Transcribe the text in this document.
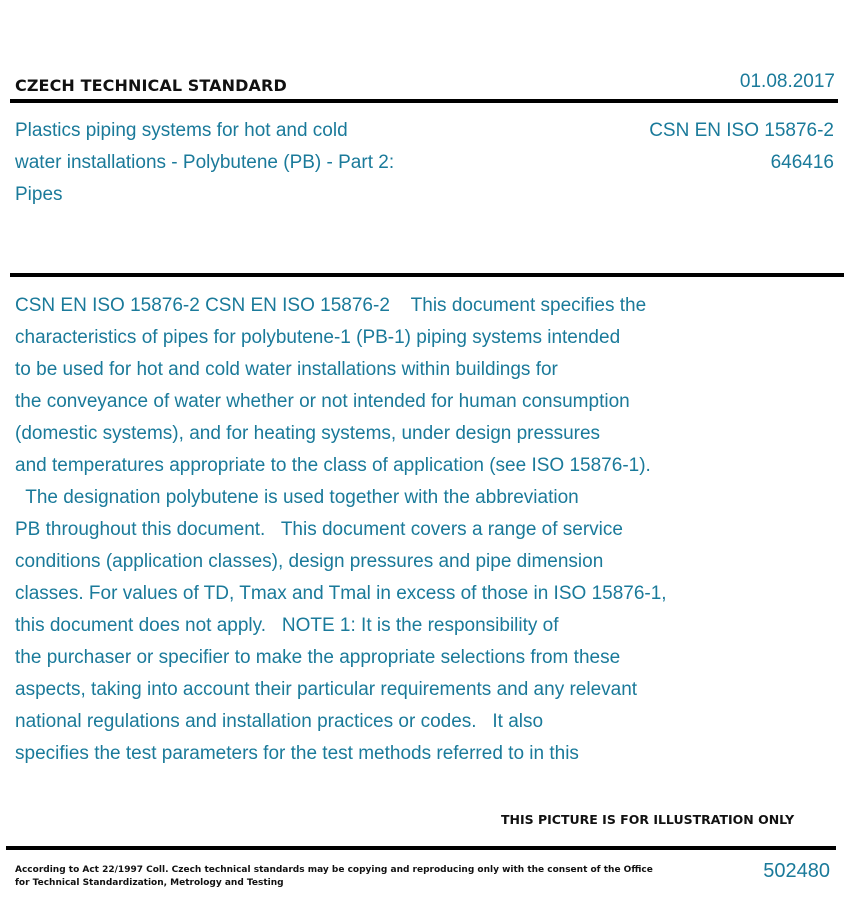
CZECH TECHNICAL STANDARD	01.08.2017
Plastics piping systems for hot and cold water installations - Polybutene (PB) - Part 2: Pipes
CSN EN ISO 15876-2
646416
CSN EN ISO 15876-2 CSN EN ISO 15876-2    This document specifies the
characteristics of pipes for polybutene-1 (PB-1) piping systems intended
to be used for hot and cold water installations within buildings for
the conveyance of water whether or not intended for human consumption
(domestic systems), and for heating systems, under design pressures
and temperatures appropriate to the class of application (see ISO 15876-1).
The designation polybutene is used together with the abbreviation
PB throughout this document.   This document covers a range of service
conditions (application classes), design pressures and pipe dimension
classes. For values of TD, Tmax and Tmal in excess of those in ISO 15876-1,
this document does not apply.   NOTE 1: It is the responsibility of
the purchaser or specifier to make the appropriate selections from these
aspects, taking into account their particular requirements and any relevant
national regulations and installation practices or codes.   It also
specifies the test parameters for the test methods referred to in this
THIS PICTURE IS FOR ILLUSTRATION ONLY
According to Act 22/1997 Coll. Czech technical standards may be copying and reproducing only with the consent of the Office
for Technical Standardization, Metrology and Testing
502480
